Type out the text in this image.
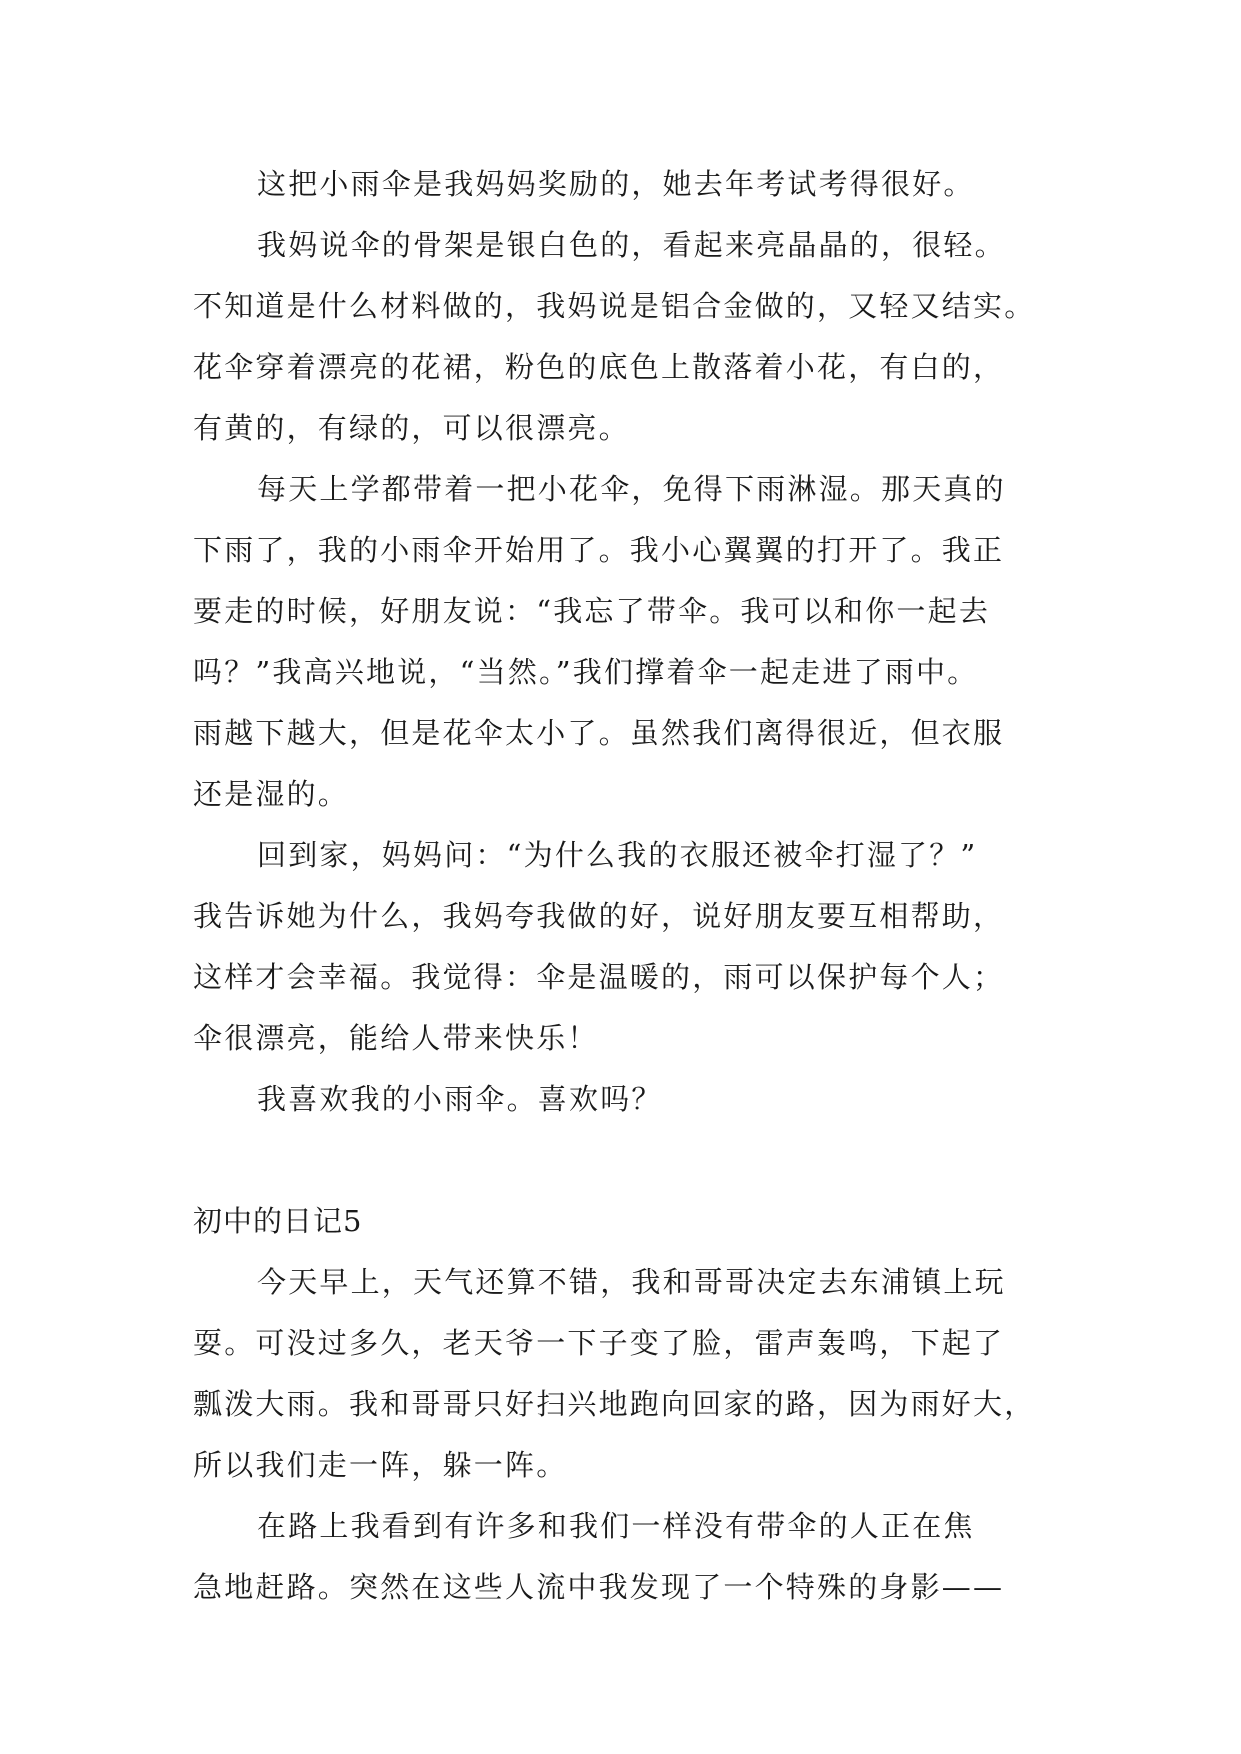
这把小雨伞是我妈妈奖励的，她去年考试考得很好。
我妈说伞的骨架是银白色的，看起来亮晶晶的，很轻。
不知道是什么材料做的，我妈说是铝合金做的，又轻又结实。
花伞穿着漂亮的花裙，粉色的底色上散落着小花，有白的，
有黄的，有绿的，可以很漂亮。
每天上学都带着一把小花伞，免得下雨淋湿。那天真的
下雨了，我的小雨伞开始用了。我小心翼翼的打开了。我正
要走的时候，好朋友说：“我忘了带伞。我可以和你一起去
吗？”我高兴地说，“当然。”我们撑着伞一起走进了雨中。
雨越下越大，但是花伞太小了。虽然我们离得很近，但衣服
还是湿的。
回到家，妈妈问：“为什么我的衣服还被伞打湿了？”
我告诉她为什么，我妈夸我做的好，说好朋友要互相帮助，
这样才会幸福。我觉得：伞是温暖的，雨可以保护每个人；
伞很漂亮，能给人带来快乐！
我喜欢我的小雨伞。喜欢吗？
初中的日记5
今天早上，天气还算不错，我和哥哥决定去东浦镇上玩
耍。可没过多久，老天爷一下子变了脸，雷声轰鸣，下起了
瓢泼大雨。我和哥哥只好扫兴地跑向回家的路，因为雨好大，
所以我们走一阵，躲一阵。
在路上我看到有许多和我们一样没有带伞的人正在焦
急地赶路。突然在这些人流中我发现了一个特殊的身影——
